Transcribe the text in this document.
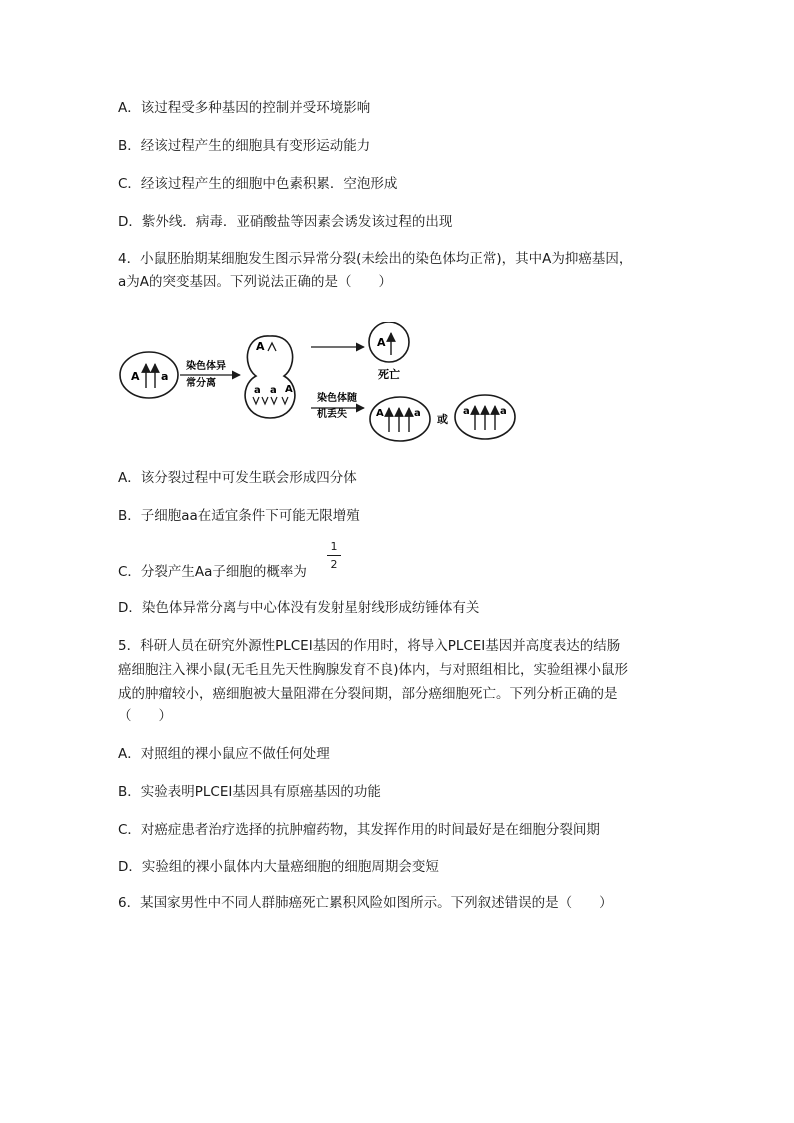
A．该过程受多种基因的控制并受环境影响
B．经该过程产生的细胞具有变形运动能力
C．经该过程产生的细胞中色素积累．空泡形成
D．紫外线．病毒．亚硝酸盐等因素会诱发该过程的出现
4．小鼠胚胎期某细胞发生图示异常分裂(未绘出的染色体均正常)，其中A为抑癌基因，
a为A的突变基因。下列说法正确的是（　　）
A a
染色体异
常分离
A
a a A
A
死亡
染色体随
机丢失	A	a 或
a	a
A．该分裂过程中可发生联会形成四分体
B．子细胞aa在适宜条件下可能无限增殖
C．分裂产生Aa子细胞的概率为
1
2
D．染色体异常分离与中心体没有发射星射线形成纺锤体有关
5．科研人员在研究外源性PLCEI基因的作用时，将导入PLCEI基因并高度表达的结肠
癌细胞注入裸小鼠(无毛且先天性胸腺发育不良)体内，与对照组相比，实验组裸小鼠形
成的肿瘤较小，癌细胞被大量阻滞在分裂间期，部分癌细胞死亡。下列分析正确的是
（　　）
A．对照组的裸小鼠应不做任何处理
B．实验表明PLCEI基因具有原癌基因的功能
C．对癌症患者治疗选择的抗肿瘤药物，其发挥作用的时间最好是在细胞分裂间期
D．实验组的裸小鼠体内大量癌细胞的细胞周期会变短
6．某国家男性中不同人群肺癌死亡累积风险如图所示。下列叙述错误的是（　　）
